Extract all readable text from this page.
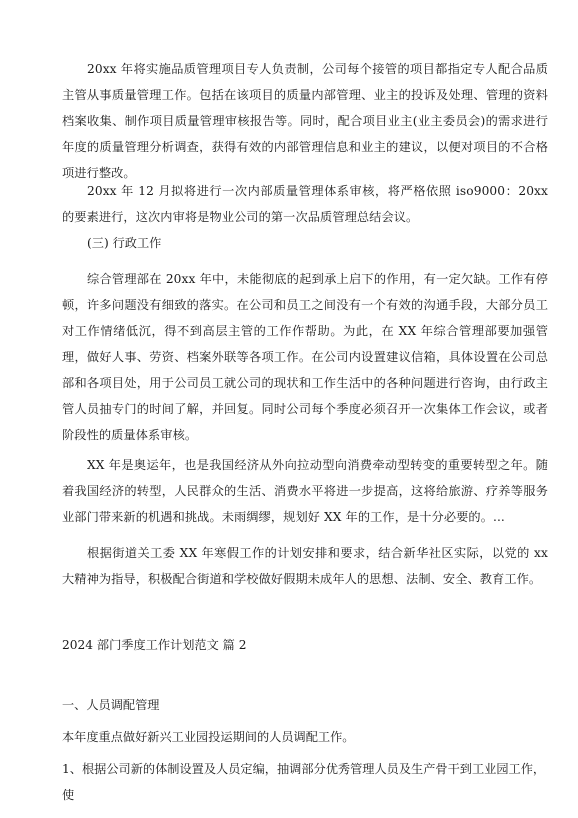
20xx 年将实施品质管理项目专人负责制，公司每个接管的项目都指定专人配合品质主管从事质量管理工作。包括在该项目的质量内部管理、业主的投诉及处理、管理的资料档案收集、制作项目质量管理审核报告等。同时，配合项目业主(业主委员会)的需求进行年度的质量管理分析调查，获得有效的内部管理信息和业主的建议，以便对项目的不合格项进行整改。

20xx 年 12 月拟将进行一次内部质量管理体系审核，将严格依照 iso9000：20xx 的要素进行，这次内审将是物业公司的第一次品质管理总结会议。

(三) 行政工作

综合管理部在 20xx 年中，未能彻底的起到承上启下的作用，有一定欠缺。工作有停顿，许多问题没有细致的落实。在公司和员工之间没有一个有效的沟通手段，大部分员工对工作情绪低沉，得不到高层主管的工作作帮助。为此，在 XX 年综合管理部要加强管理，做好人事、劳资、档案外联等各项工作。在公司内设置建议信箱，具体设置在公司总部和各项目处，用于公司员工就公司的现状和工作生活中的各种问题进行咨询，由行政主管人员抽专门的时间了解，并回复。同时公司每个季度必须召开一次集体工作会议，或者阶段性的质量体系审核。

XX 年是奥运年，也是我国经济从外向拉动型向消费牵动型转变的重要转型之年。随着我国经济的转型，人民群众的生活、消费水平将进一步提高，这将给旅游、疗养等服务业部门带来新的机遇和挑战。未雨绸缪，规划好 XX 年的工作，是十分必要的。...

根据街道关工委 XX 年寒假工作的计划安排和要求，结合新华社区实际，以党的 xx 大精神为指导，积极配合街道和学校做好假期未成年人的思想、法制、安全、教育工作。

2024 部门季度工作计划范文 篇 2

一、人员调配管理

本年度重点做好新兴工业园投运期间的人员调配工作。

1、根据公司新的体制设置及人员定编，抽调部分优秀管理人员及生产骨干到工业园工作，使
